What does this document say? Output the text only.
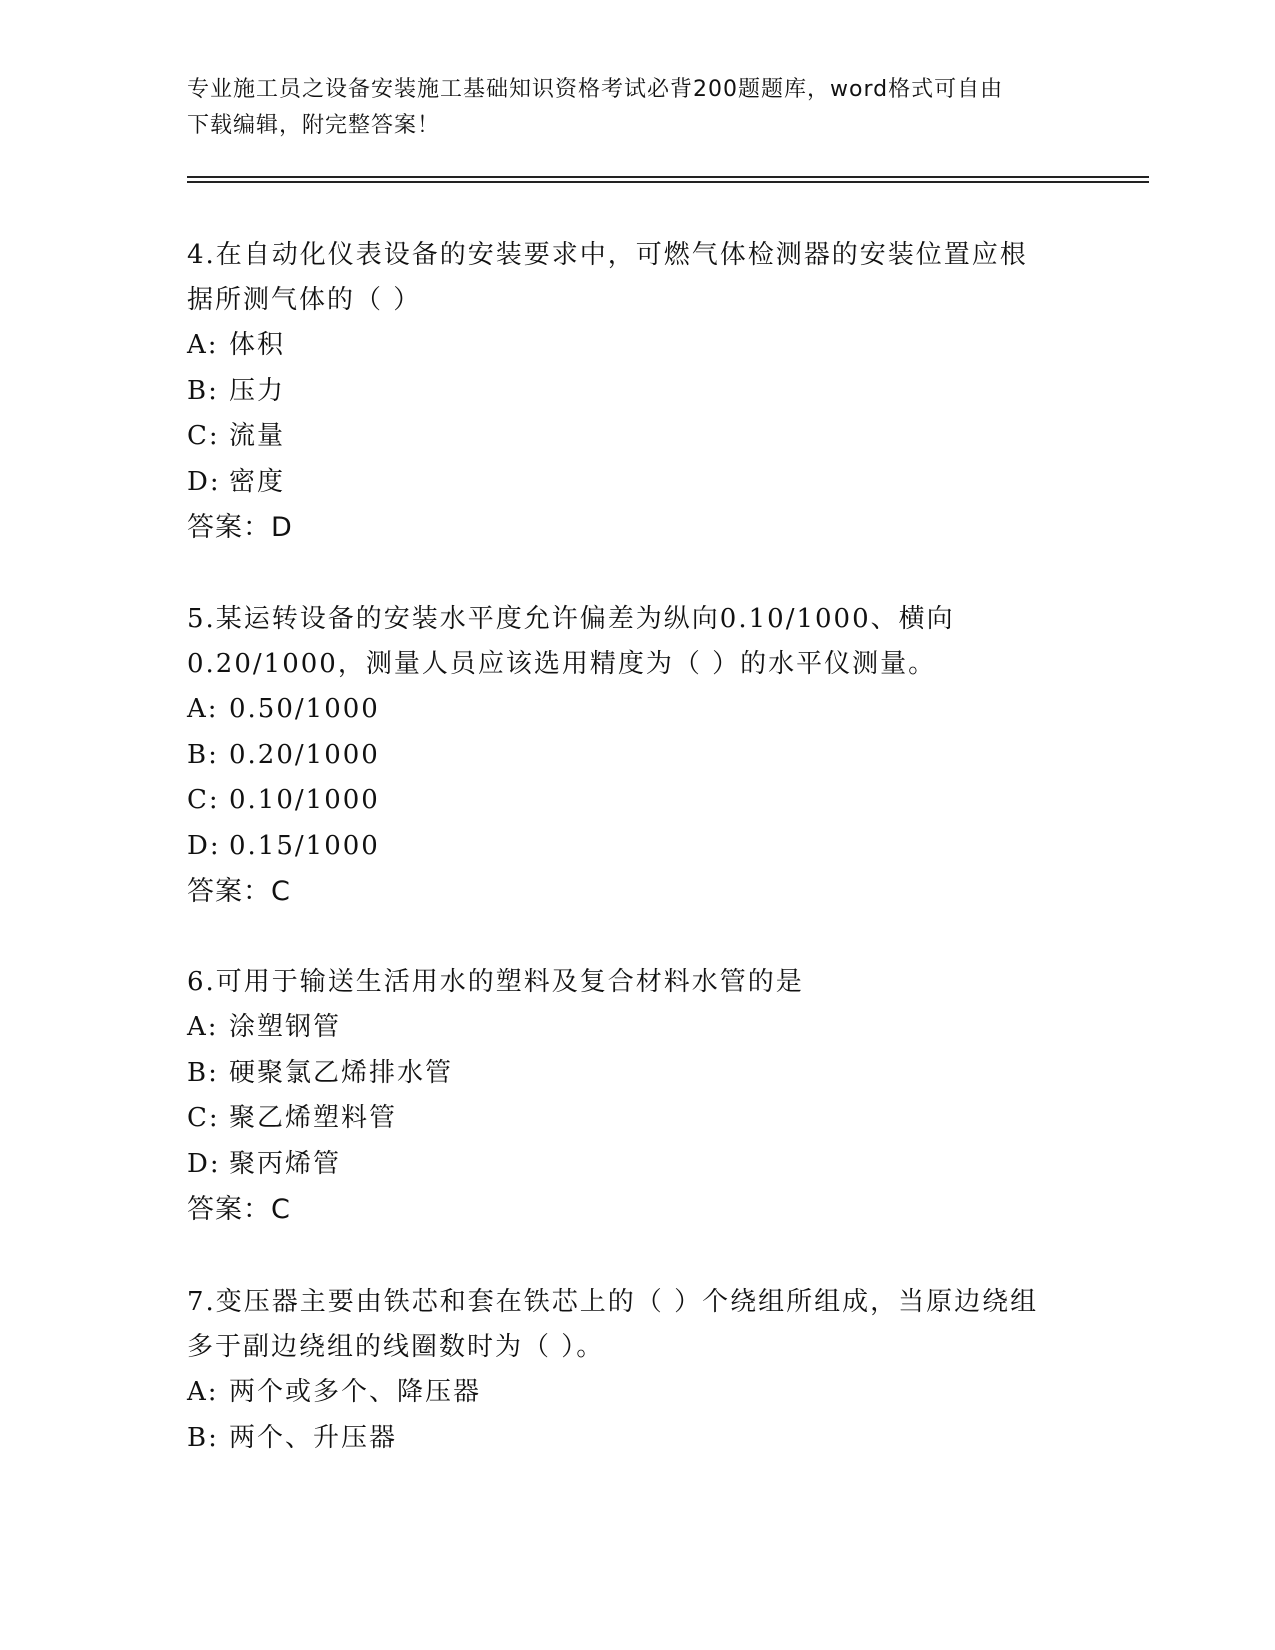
专业施工员之设备安装施工基础知识资格考试必背200题题库，word格式可自由
下载编辑，附完整答案！
4.在自动化仪表设备的安装要求中，可燃气体检测器的安装位置应根
据所测气体的（ ）
A: 体积
B: 压力
C: 流量
D: 密度
答案：D
5.某运转设备的安装水平度允许偏差为纵向0.10/1000、横向
0.20/1000，测量人员应该选用精度为（ ）的水平仪测量。
A: 0.50/1000
B: 0.20/1000
C: 0.10/1000
D: 0.15/1000
答案：C
6.可用于输送生活用水的塑料及复合材料水管的是
A: 涂塑钢管
B: 硬聚氯乙烯排水管
C: 聚乙烯塑料管
D: 聚丙烯管
答案：C
7.变压器主要由铁芯和套在铁芯上的（ ）个绕组所组成，当原边绕组
多于副边绕组的线圈数时为（ ）。
A: 两个或多个、降压器
B: 两个、升压器
